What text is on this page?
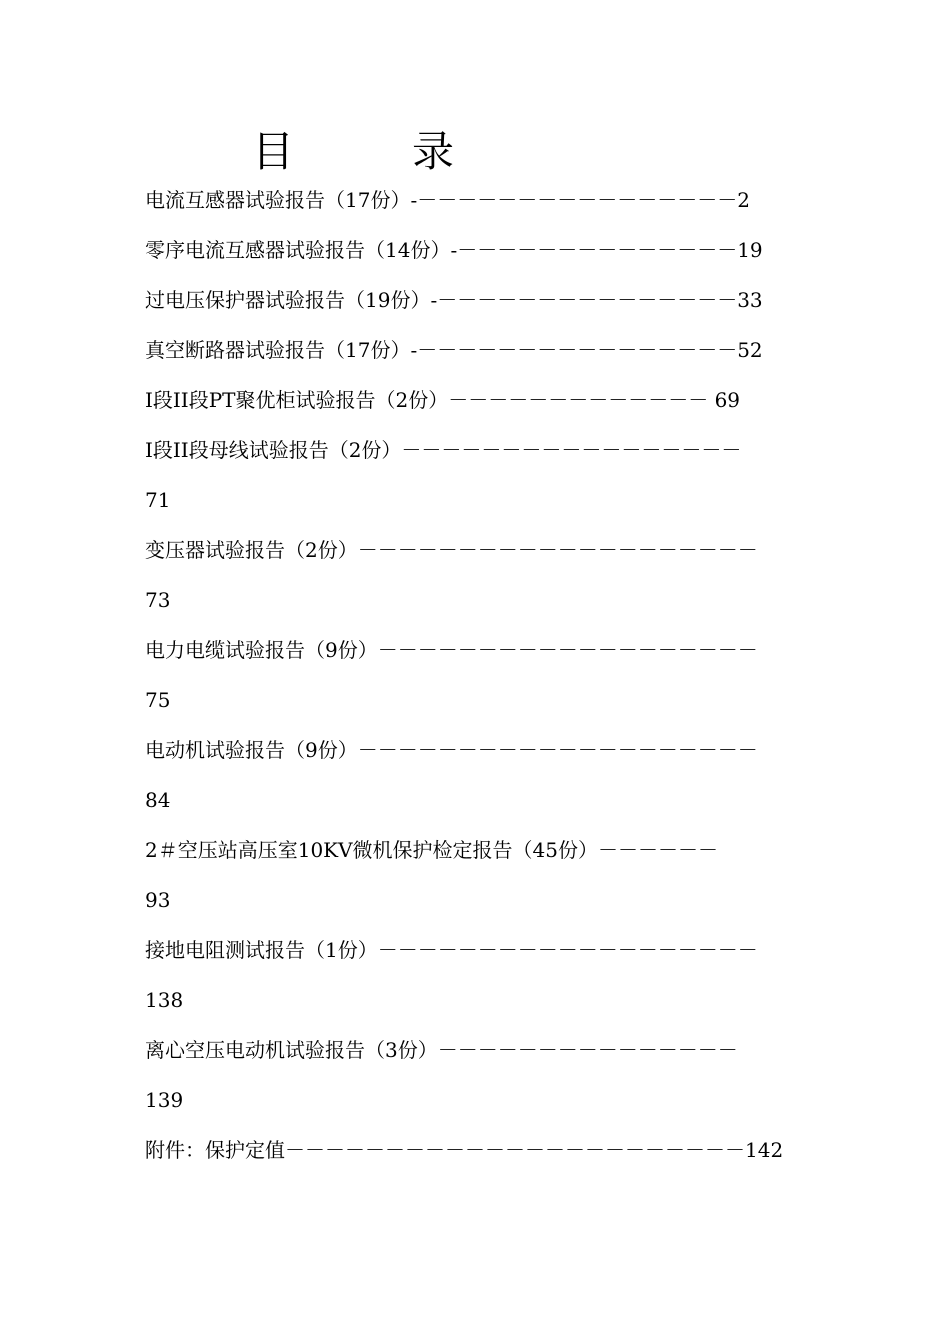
目	录
电流互感器试验报告（17份）-－－－－－－－－－－－－－－－－2
零序电流互感器试验报告（14份）-－－－－－－－－－－－－－－19
过电压保护器试验报告（19份）-－－－－－－－－－－－－－－－33
真空断路器试验报告（17份）-－－－－－－－－－－－－－－－－52
I段II段PT聚优柜试验报告（2份）－－－－－－－－－－－－－ 69
I段II段母线试验报告（2份）－－－－－－－－－－－－－－－－－
71
变压器试验报告（2份）－－－－－－－－－－－－－－－－－－－－
73
电力电缆试验报告（9份）－－－－－－－－－－－－－－－－－－－
75
电动机试验报告（9份）－－－－－－－－－－－－－－－－－－－－
84
2＃空压站高压室10KV微机保护检定报告（45份）－－－－－－
93
接地电阻测试报告（1份）－－－－－－－－－－－－－－－－－－－
138
离心空压电动机试验报告（3份）－－－－－－－－－－－－－－－
139
附件：保护定值－－－－－－－－－－－－－－－－－－－－－－－142
